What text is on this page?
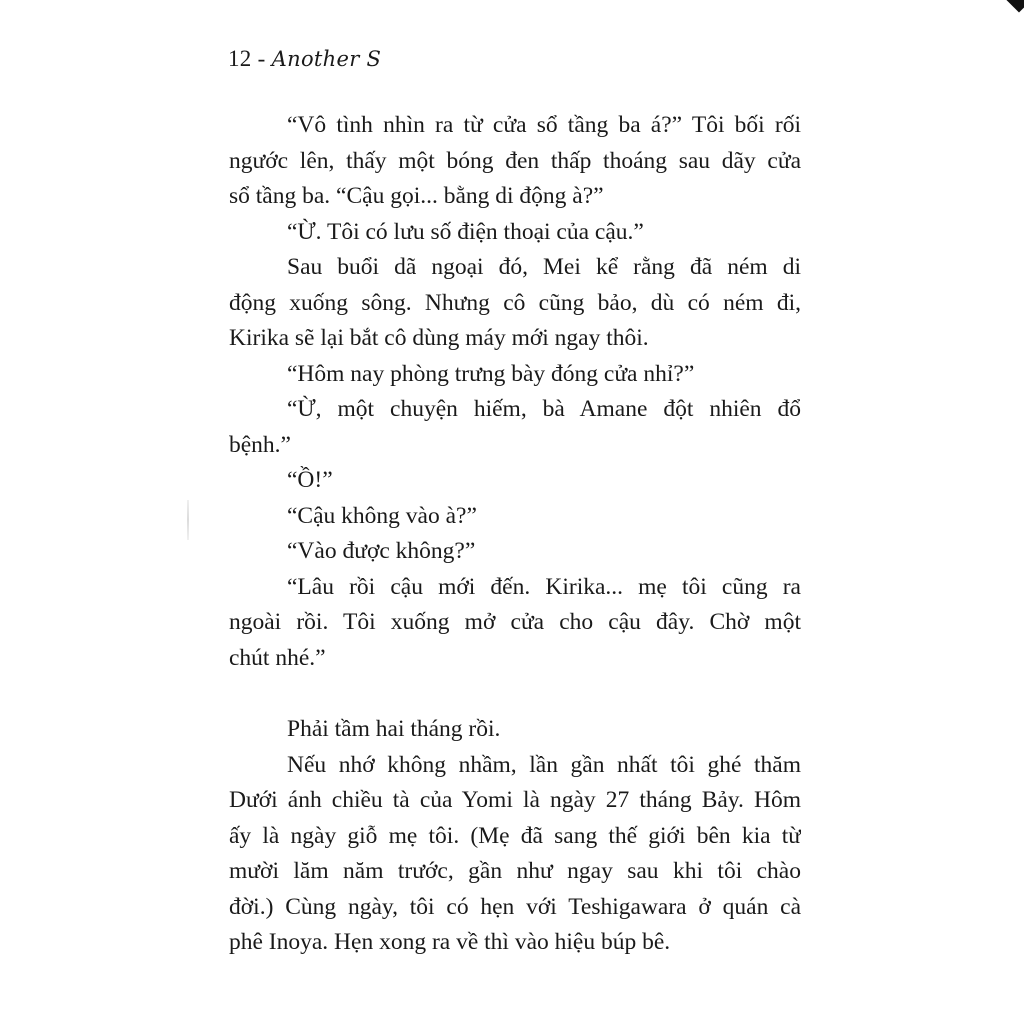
12 - Another S
“Vô tình nhìn ra từ cửa sổ tầng ba á?” Tôi bối rối
ngước lên, thấy một bóng đen thấp thoáng sau dãy cửa
sổ tầng ba. “Cậu gọi... bằng di động à?”
“Ừ. Tôi có lưu số điện thoại của cậu.”
Sau buổi dã ngoại đó, Mei kể rằng đã ném di
động xuống sông. Nhưng cô cũng bảo, dù có ném đi,
Kirika sẽ lại bắt cô dùng máy mới ngay thôi.
“Hôm nay phòng trưng bày đóng cửa nhỉ?”
“Ừ, một chuyện hiếm, bà Amane đột nhiên đổ
bệnh.”
“Ồ!”
“Cậu không vào à?”
“Vào được không?”
“Lâu rồi cậu mới đến. Kirika... mẹ tôi cũng ra
ngoài rồi. Tôi xuống mở cửa cho cậu đây. Chờ một
chút nhé.”
Phải tầm hai tháng rồi.
Nếu nhớ không nhầm, lần gần nhất tôi ghé thăm
Dưới ánh chiều tà của Yomi là ngày 27 tháng Bảy. Hôm
ấy là ngày giỗ mẹ tôi. (Mẹ đã sang thế giới bên kia từ
mười lăm năm trước, gần như ngay sau khi tôi chào
đời.) Cùng ngày, tôi có hẹn với Teshigawara ở quán cà
phê Inoya. Hẹn xong ra về thì vào hiệu búp bê.
